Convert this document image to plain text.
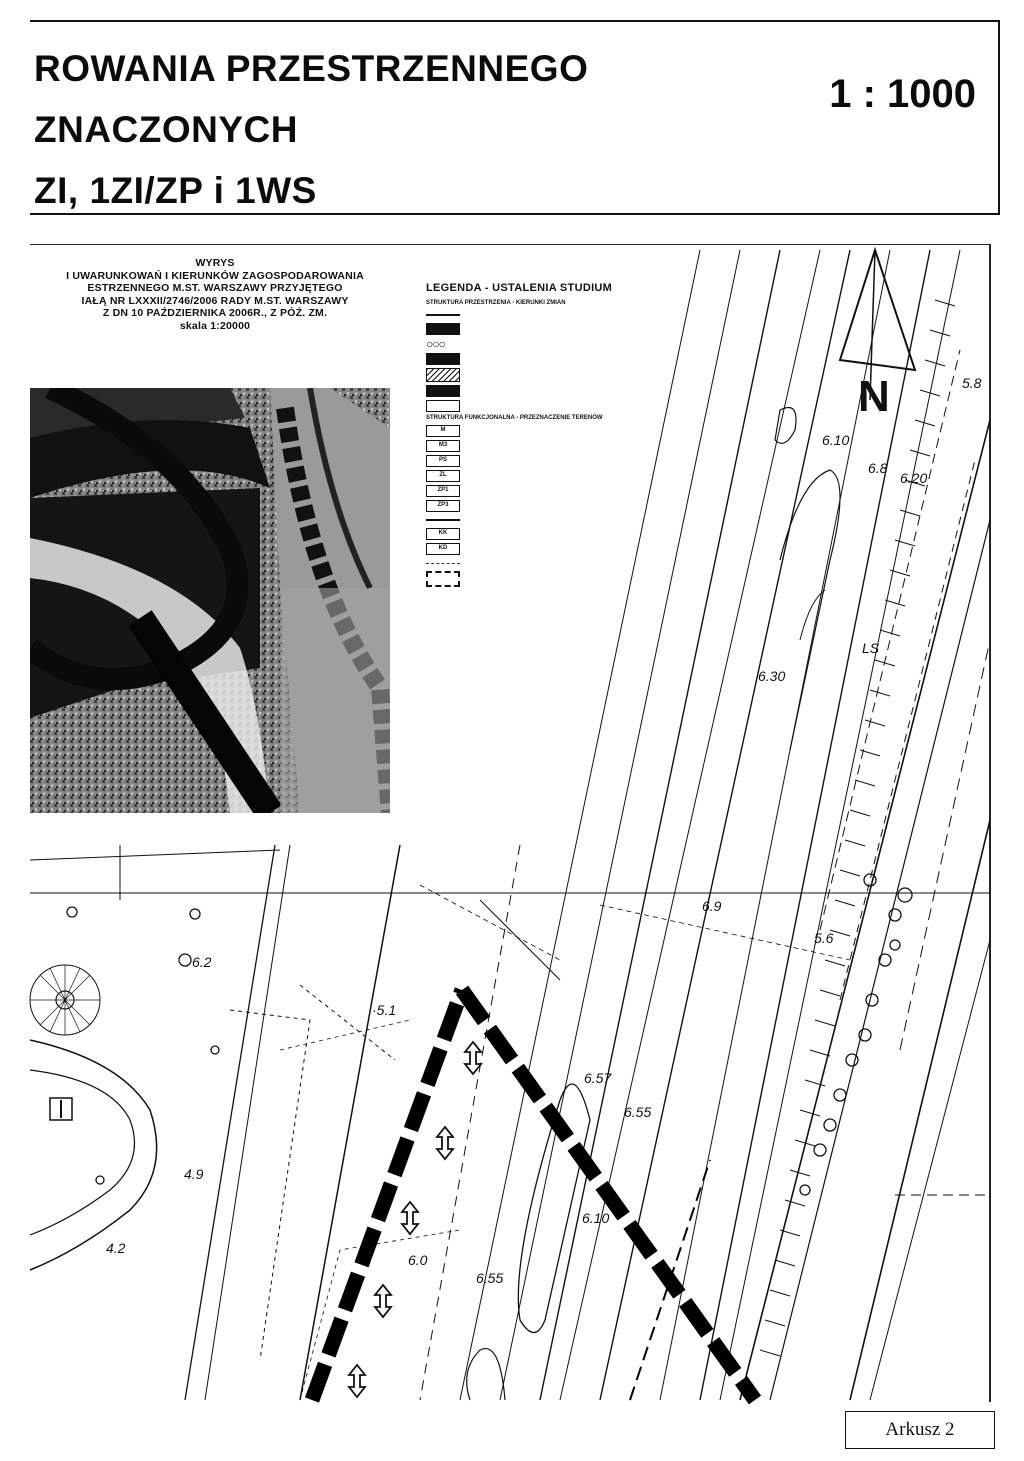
ROWANIA PRZESTRZENNEGO
ZNACZONYCH
ZI, 1ZI/ZP i 1WS
1 : 1000
WYRYS
I UWARUNKOWAŃ I KIERUNKÓW ZAGOSPODAROWANIA
ESTRZENNEGO M.ST. WARSZAWY PRZYJĘTEGO
IAŁĄ NR LXXXII/2746/2006 RADY M.ST. WARSZAWY
Z DN 10 PAŹDZIERNIKA 2006R., Z PÓŹ. ZM.
skala 1:20000
LEGENDA - USTALENIA STUDIUM
STRUKTURA PRZESTRZENIA - KIERUNKI ZMIAN
○○○
STRUKTURA FUNKCJONALNA - PRZEZNACZENIE TERENÓW
M
M3
PS
ZL
ZP1
ZP3
KK
KD
N	5.8
6.8
6.10
6.20
6.30
LS
·5.1
6.2
4.9
4.2
6.0
6.55
6.57
6.55
6.10
5.6
6.9
Arkusz 2
